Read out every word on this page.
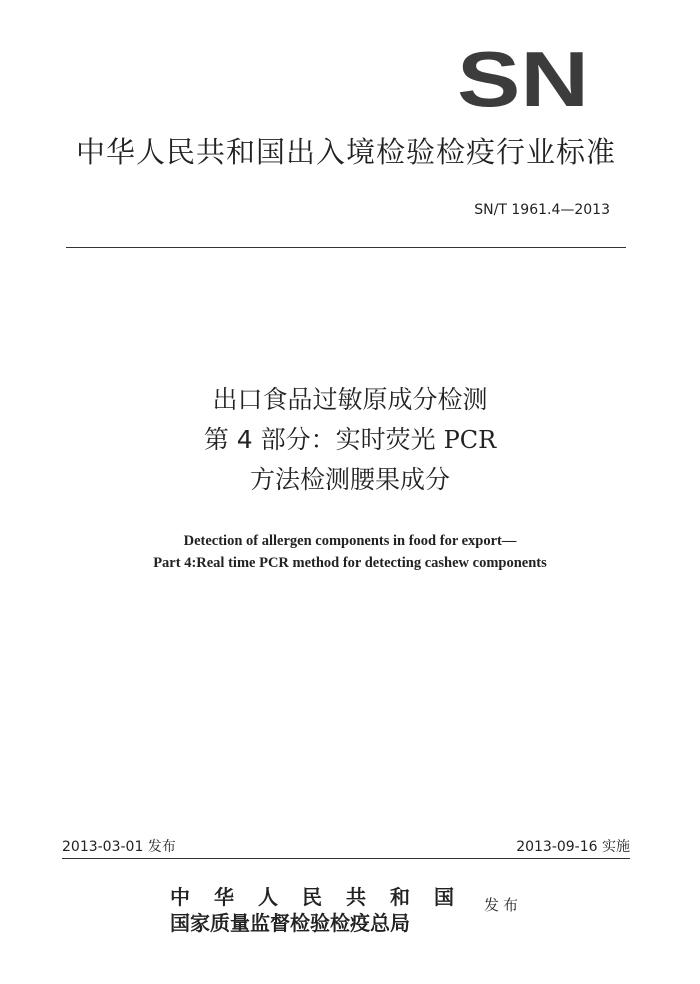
SN
中华人民共和国出入境检验检疫行业标准
SN/T 1961.4—2013
出口食品过敏原成分检测
第 4 部分：实时荧光 PCR
方法检测腰果成分
Detection of allergen components in food for export—
Part 4:Real time PCR method for detecting cashew components
2013-03-01 发布	2013-09-16 实施
中华人民共和国
国家质量监督检验检疫总局
发布
